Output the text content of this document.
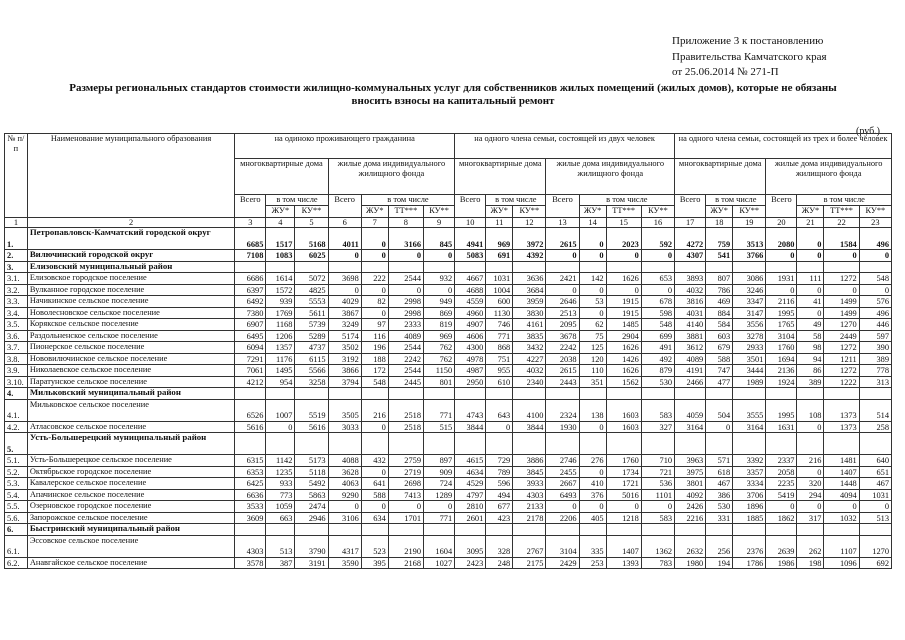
Приложение 3 к постановлению
Правительства Камчатского края
от 25.06.2014 № 271-П
Размеры региональных стандартов стоимости жилищно-коммунальных услуг для собственников жилых помещений (жилых домов), которые не обязаны
вносить взносы на капитальный ремонт
(руб.)
№ п/п	Наименование муниципального образования	на одиноко проживающего гражданина							на одного члена семьи, состоящей из двух человек							на одного члена семьи, состоящей из трех и более человек						
		многоквартирные дома			жилые дома индивидуального жилищного фонда				многоквартирные дома			жилые дома индивидуального жилищного фонда				многоквартирные дома			жилые дома индивидуального жилищного фонда			
		Всего	в том числе		Всего	в том числе			Всего	в том числе		Всего	в том числе			Всего	в том числе		Всего	в том числе		
			ЖУ*	КУ**		ЖУ*	ТТ***	КУ**		ЖУ*	КУ**		ЖУ*	ТТ***	КУ**		ЖУ*	КУ**		ЖУ*	ТТ***	КУ**
1	2	3	4	5	6	7	8	9	10	11	12	13	14	15	16	17	18	19	20	21	22	23
1.	Петропавловск-Камчатский городской округ	6685	1517	5168	4011	0	3166	845	4941	969	3972	2615	0	2023	592	4272	759	3513	2080	0	1584	496
2.	Вилючинский городской округ	7108	1083	6025	0	0	0	0	5083	691	4392	0	0	0	0	4307	541	3766	0	0	0	0
3.	Елизовский муниципальный район																					
3.1.	Елизовское городское поселение	6686	1614	5072	3698	222	2544	932	4667	1031	3636	2421	142	1626	653	3893	807	3086	1931	111	1272	548
3.2.	Вулканное городское поселение	6397	1572	4825	0	0	0	0	4688	1004	3684	0	0	0	0	4032	786	3246	0	0	0	0
3.3.	Начикинское сельское поселение	6492	939	5553	4029	82	2998	949	4559	600	3959	2646	53	1915	678	3816	469	3347	2116	41	1499	576
3.4.	Новолесновское сельское поселение	7380	1769	5611	3867	0	2998	869	4960	1130	3830	2513	0	1915	598	4031	884	3147	1995	0	1499	496
3.5.	Корякское сельское поселение	6907	1168	5739	3249	97	2333	819	4907	746	4161	2095	62	1485	548	4140	584	3556	1765	49	1270	446
3.6.	Раздольненское сельское поселение	6495	1206	5289	5174	116	4089	969	4606	771	3835	3678	75	2904	699	3881	603	3278	3104	58	2449	597
3.7.	Пионерское сельское поселение	6094	1357	4737	3502	196	2544	762	4300	868	3432	2242	125	1626	491	3612	679	2933	1760	98	1272	390
3.8.	Нововилючинское сельское поселение	7291	1176	6115	3192	188	2242	762	4978	751	4227	2038	120	1426	492	4089	588	3501	1694	94	1211	389
3.9.	Николаевское сельское поселение	7061	1495	5566	3866	172	2544	1150	4987	955	4032	2615	110	1626	879	4191	747	3444	2136	86	1272	778
3.10.	Паратунское сельское поселение	4212	954	3258	3794	548	2445	801	2950	610	2340	2443	351	1562	530	2466	477	1989	1924	389	1222	313
4.	Мильковский муниципальный район																					
4.1.	Мильковское сельское поселение	6526	1007	5519	3505	216	2518	771	4743	643	4100	2324	138	1603	583	4059	504	3555	1995	108	1373	514
4.2.	Атласовское сельское поселение	5616	0	5616	3033	0	2518	515	3844	0	3844	1930	0	1603	327	3164	0	3164	1631	0	1373	258
5.	Усть-Большерецкий муниципальный район																					
5.1.	Усть-Большерецкое сельское поселение	6315	1142	5173	4088	432	2759	897	4615	729	3886	2746	276	1760	710	3963	571	3392	2337	216	1481	640
5.2.	Октябрьское городское поселение	6353	1235	5118	3628	0	2719	909	4634	789	3845	2455	0	1734	721	3975	618	3357	2058	0	1407	651
5.3.	Кавалерское сельское поселение	6425	933	5492	4063	641	2698	724	4529	596	3933	2667	410	1721	536	3801	467	3334	2235	320	1448	467
5.4.	Апачинское сельское поселение	6636	773	5863	9290	588	7413	1289	4797	494	4303	6493	376	5016	1101	4092	386	3706	5419	294	4094	1031
5.5.	Озерновское городское поселение	3533	1059	2474	0	0	0	0	2810	677	2133	0	0	0	0	2426	530	1896	0	0	0	0
5.6.	Запорожское сельское поселение	3609	663	2946	3106	634	1701	771	2601	423	2178	2206	405	1218	583	2216	331	1885	1862	317	1032	513
6.	Быстринский муниципальный район																					
6.1.	Эссовское сельское поселение	4303	513	3790	4317	523	2190	1604	3095	328	2767	3104	335	1407	1362	2632	256	2376	2639	262	1107	1270
6.2.	Анавгайское сельское поселение	3578	387	3191	3590	395	2168	1027	2423	248	2175	2429	253	1393	783	1980	194	1786	1986	198	1096	692
